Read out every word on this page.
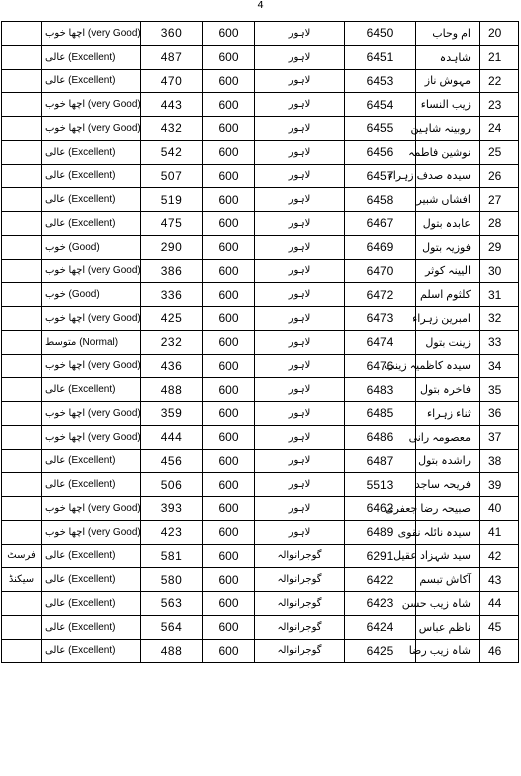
4
	اچھا خوب (very Good)	360	600	لاہور	6450	ام وحاب	20
	عالی (Excellent)	487	600	لاہور	6451	شاہدہ	21
	عالی (Excellent)	470	600	لاہور	6453	مہوش ناز	22
	اچھا خوب (very Good)	443	600	لاہور	6454	زیب النساء	23
	اچھا خوب (very Good)	432	600	لاہور	6455	روبینہ شاہین	24
	عالی (Excellent)	542	600	لاہور	6456	نوشین فاطمہ	25
	عالی (Excellent)	507	600	لاہور	6457	سیدہ صدف زہراء	26
	عالی (Excellent)	519	600	لاہور	6458	افشاں شبیر	27
	عالی (Excellent)	475	600	لاہور	6467	عابدہ بتول	28
	خوب (Good)	290	600	لاہور	6469	فوزیہ بتول	29
	اچھا خوب (very Good)	386	600	لاہور	6470	الیینہ کوثر	30
	خوب (Good)	336	600	لاہور	6472	کلثوم اسلم	31
	اچھا خوب (very Good)	425	600	لاہور	6473	امبرین زہراء	32
	متوسط (Normal)	232	600	لاہور	6474	زینت بتول	33
	اچھا خوب (very Good)	436	600	لاہور	6476	سیدہ کاظمیہ زینب	34
	عالی (Excellent)	488	600	لاہور	6483	فاخرہ بتول	35
	اچھا خوب (very Good)	359	600	لاہور	6485	ثناء زہراء	36
	اچھا خوب (very Good)	444	600	لاہور	6486	معصومہ رانی	37
	عالی (Excellent)	456	600	لاہور	6487	راشدہ بتول	38
	عالی (Excellent)	506	600	لاہور	5513	فریحہ ساجد	39
	اچھا خوب (very Good)	393	600	لاہور	6462	صبیحہ رضا جعفری	40
	اچھا خوب (very Good)	423	600	لاہور	6489	سیدہ نائلہ نقوی	41
فرسٹ	عالی (Excellent)	581	600	گوجرانوالہ	6291	سید شہزاد عقیل	42
سیکنڈ	عالی (Excellent)	580	600	گوجرانوالہ	6422	آکاش تبسم	43
	عالی (Excellent)	563	600	گوجرانوالہ	6423	شاہ زیب حسن	44
	عالی (Excellent)	564	600	گوجرانوالہ	6424	ناظم عباس	45
	عالی (Excellent)	488	600	گوجرانوالہ	6425	شاہ زیب رضا	46
